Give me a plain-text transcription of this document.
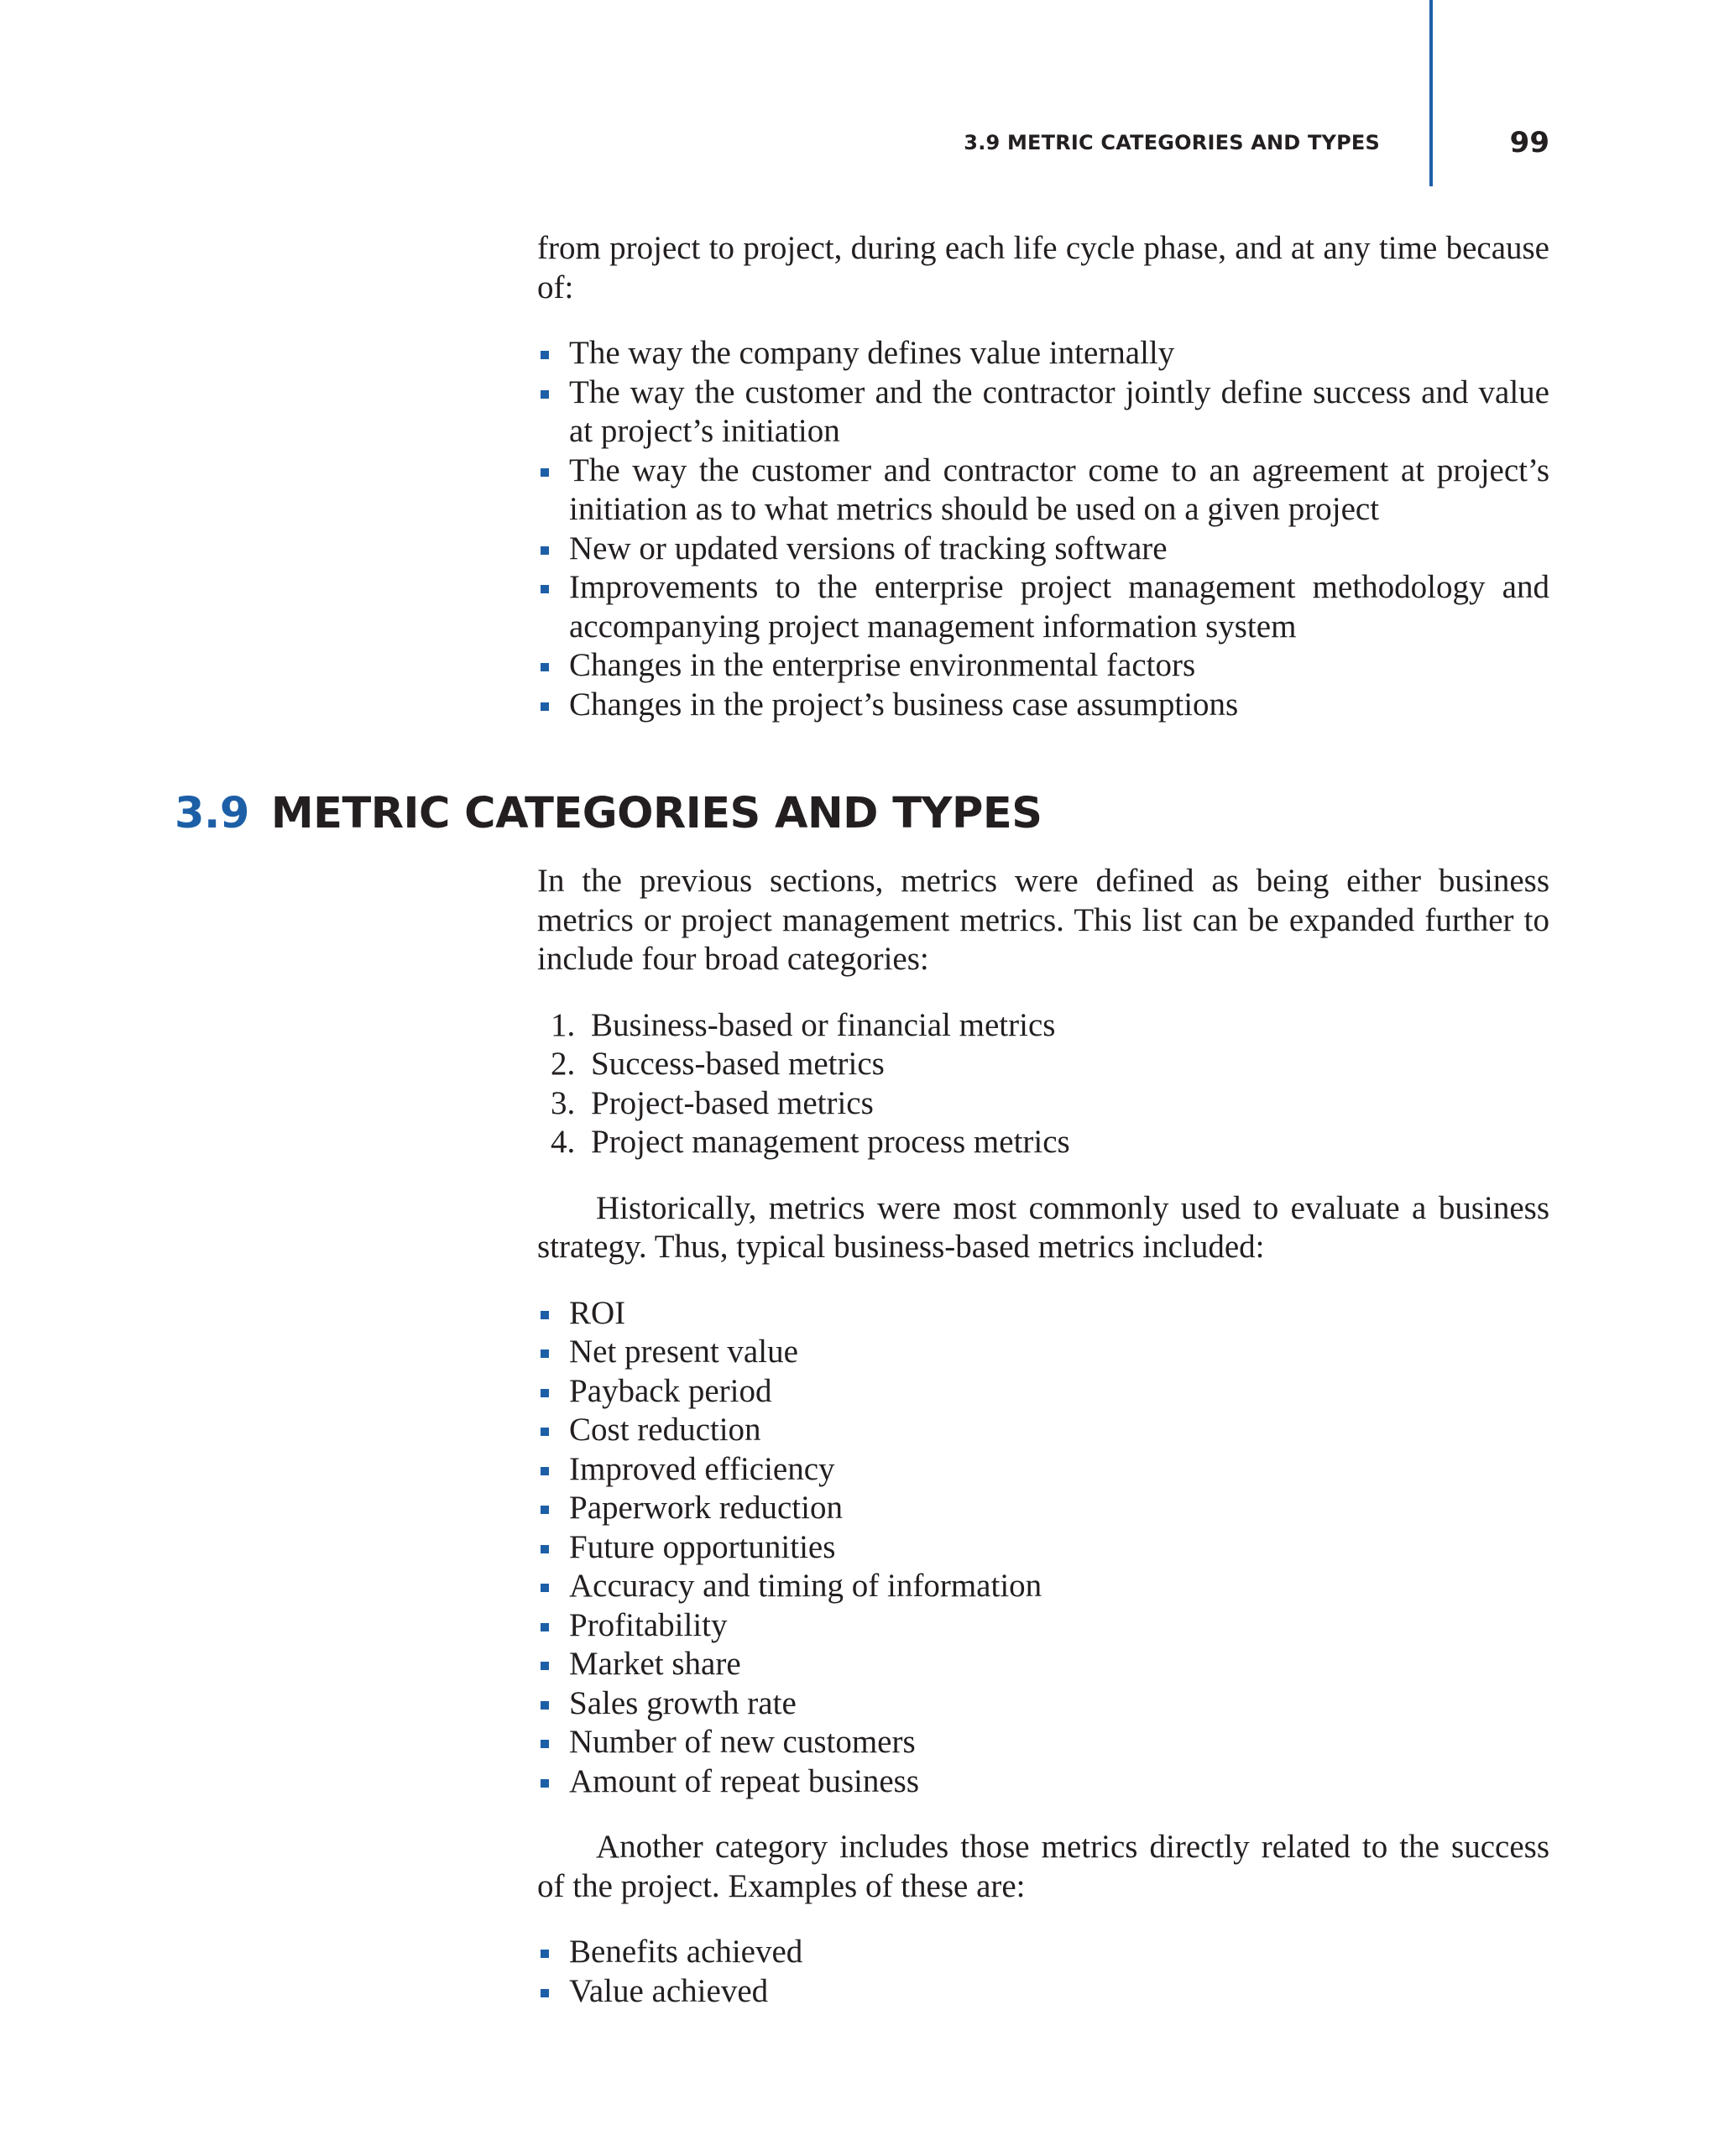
3.9 METRIC CATEGORIES AND TYPES	99

from project to project, during each life cycle phase, and at any time because of:

The way the company defines value internally
The way the customer and the contractor jointly define success and value at project’s initiation
The way the customer and contractor come to an agreement at project’s initiation as to what metrics should be used on a given project
New or updated versions of tracking software
Improvements to the enterprise project management methodology and accompanying project management information system
Changes in the enterprise environmental factors
Changes in the project’s business case assumptions
3.9 METRIC CATEGORIES AND TYPES

In the previous sections, metrics were defined as being either business metrics or project management metrics. This list can be expanded further to include four broad categories:

1. Business-based or financial metrics
2. Success-based metrics
3. Project-based metrics
4. Project management process metrics

Historically, metrics were most commonly used to evaluate a business strategy. Thus, typical business-based metrics included:

ROI
Net present value
Payback period
Cost reduction
Improved efficiency
Paperwork reduction
Future opportunities
Accuracy and timing of information
Profitability
Market share
Sales growth rate
Number of new customers
Amount of repeat business

Another category includes those metrics directly related to the success of the project. Examples of these are:

Benefits achieved
Value achieved
